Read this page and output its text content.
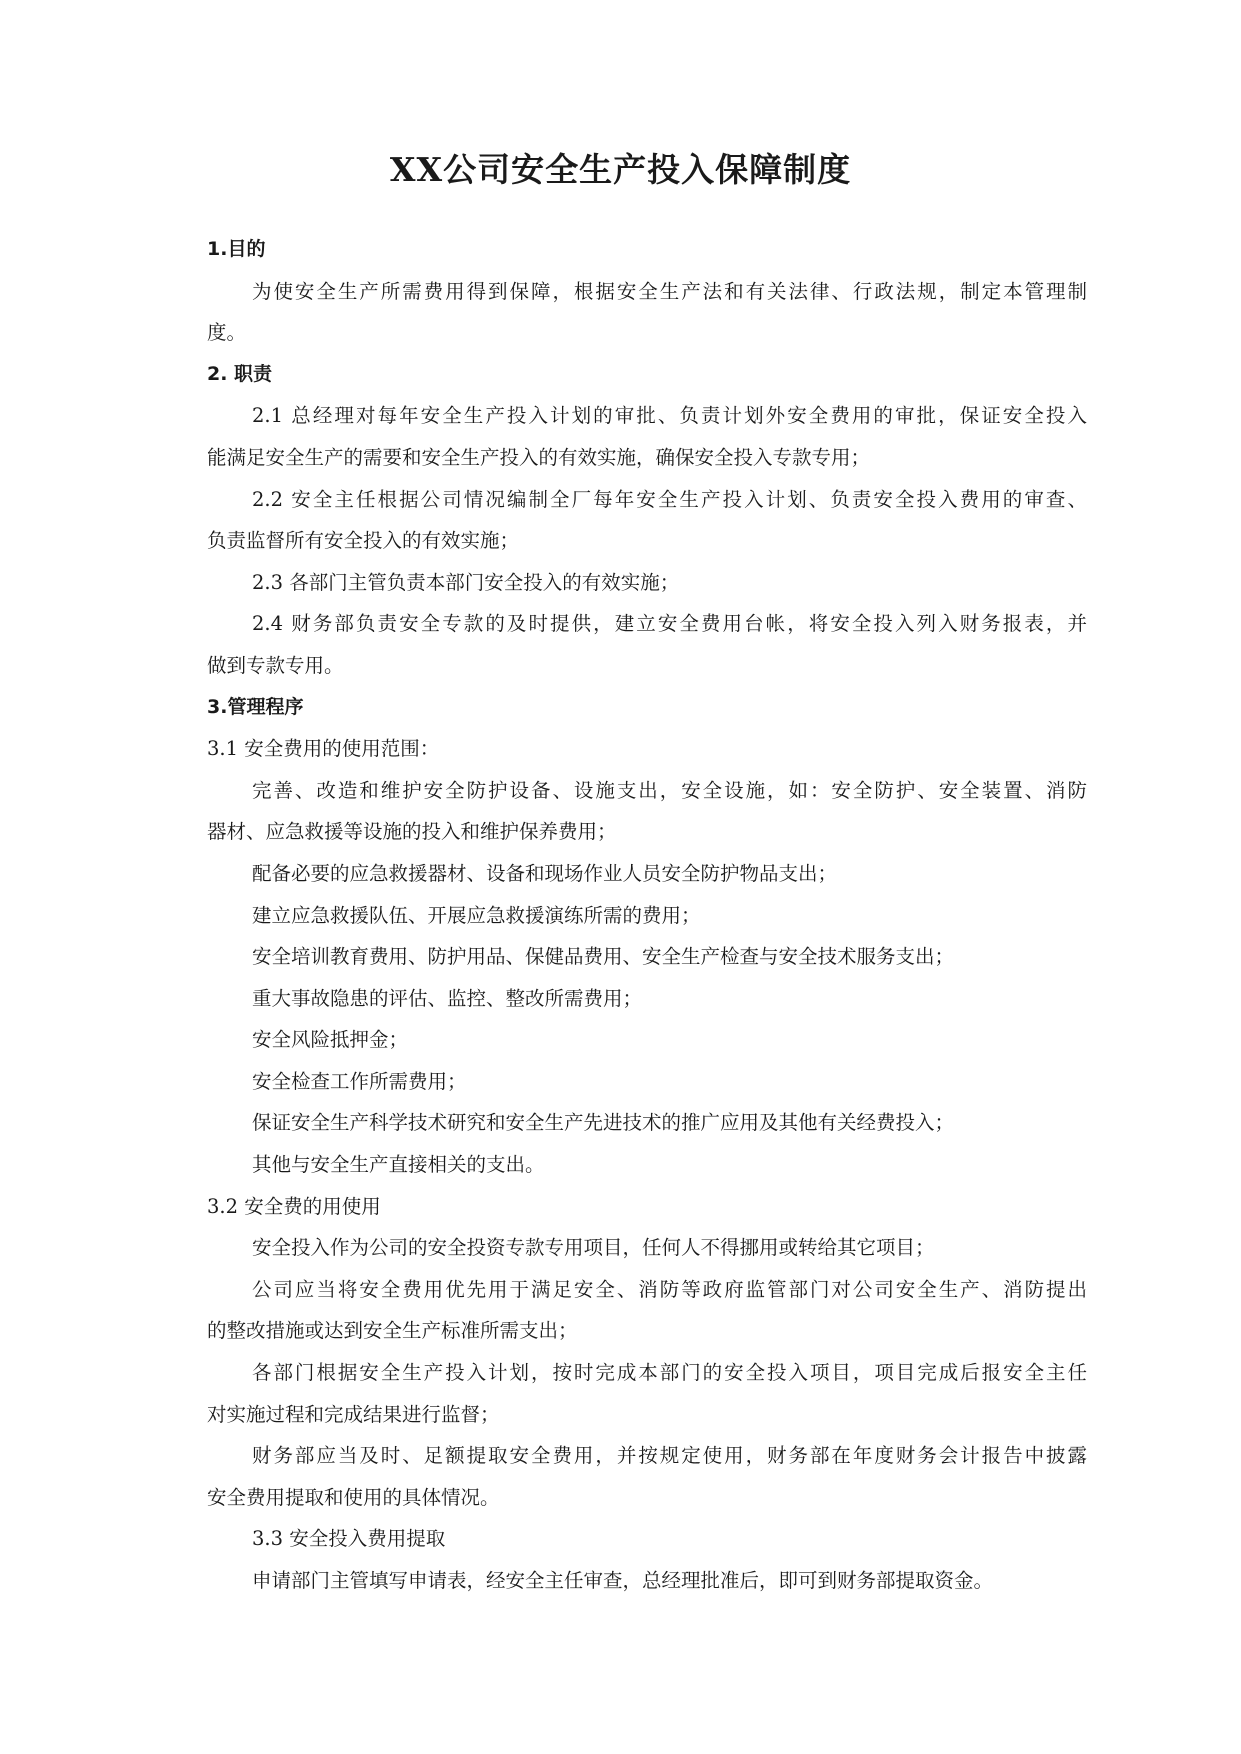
XX公司安全生产投入保障制度

1.目的

为使安全生产所需费用得到保障，根据安全生产法和有关法律、行政法规，制定本管理制

度。

2. 职责

2.1 总经理对每年安全生产投入计划的审批、负责计划外安全费用的审批，保证安全投入

能满足安全生产的需要和安全生产投入的有效实施，确保安全投入专款专用；

2.2 安全主任根据公司情况编制全厂每年安全生产投入计划、负责安全投入费用的审查、

负责监督所有安全投入的有效实施；

2.3 各部门主管负责本部门安全投入的有效实施；

2.4 财务部负责安全专款的及时提供，建立安全费用台帐，将安全投入列入财务报表，并

做到专款专用。

3.管理程序

3.1 安全费用的使用范围：

完善、改造和维护安全防护设备、设施支出，安全设施，如：安全防护、安全装置、消防

器材、应急救援等设施的投入和维护保养费用；

配备必要的应急救援器材、设备和现场作业人员安全防护物品支出；

建立应急救援队伍、开展应急救援演练所需的费用；

安全培训教育费用、防护用品、保健品费用、安全生产检查与安全技术服务支出；

重大事故隐患的评估、监控、整改所需费用；

安全风险抵押金；

安全检查工作所需费用；

保证安全生产科学技术研究和安全生产先进技术的推广应用及其他有关经费投入；

其他与安全生产直接相关的支出。

3.2 安全费的用使用

安全投入作为公司的安全投资专款专用项目，任何人不得挪用或转给其它项目；

公司应当将安全费用优先用于满足安全、消防等政府监管部门对公司安全生产、消防提出

的整改措施或达到安全生产标准所需支出；

各部门根据安全生产投入计划，按时完成本部门的安全投入项目，项目完成后报安全主任

对实施过程和完成结果进行监督；

财务部应当及时、足额提取安全费用，并按规定使用，财务部在年度财务会计报告中披露

安全费用提取和使用的具体情况。

3.3 安全投入费用提取

申请部门主管填写申请表，经安全主任审查，总经理批准后，即可到财务部提取资金。
